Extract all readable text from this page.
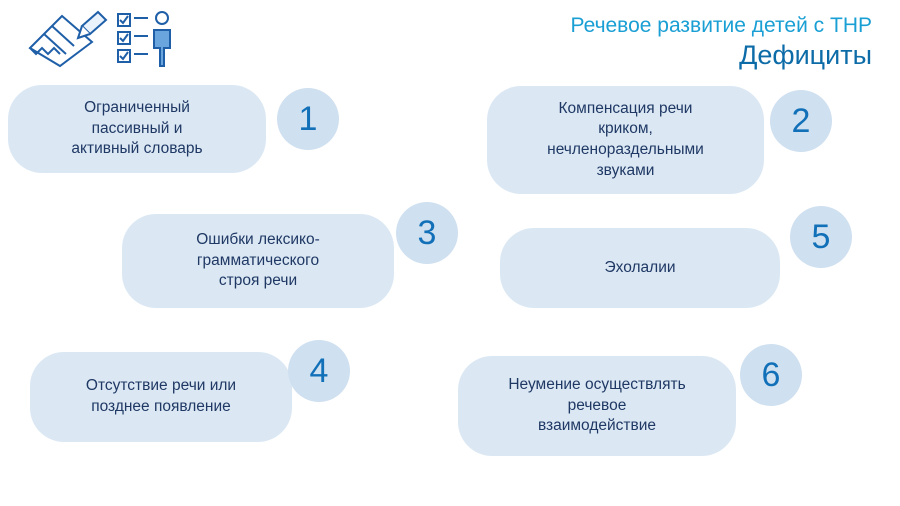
Речевое развитие детей с ТНР
Дефициты
Ограниченный
пассивный и
активный словарь
1	Компенсация речи
криком,
нечленораздельными
звуками
2
Ошибки лексико-
грамматического
строя речи
3
Эхолалии
5
Отсутствие речи или
позднее появление
4	Неумение осуществлять
речевое
взаимодействие
6
